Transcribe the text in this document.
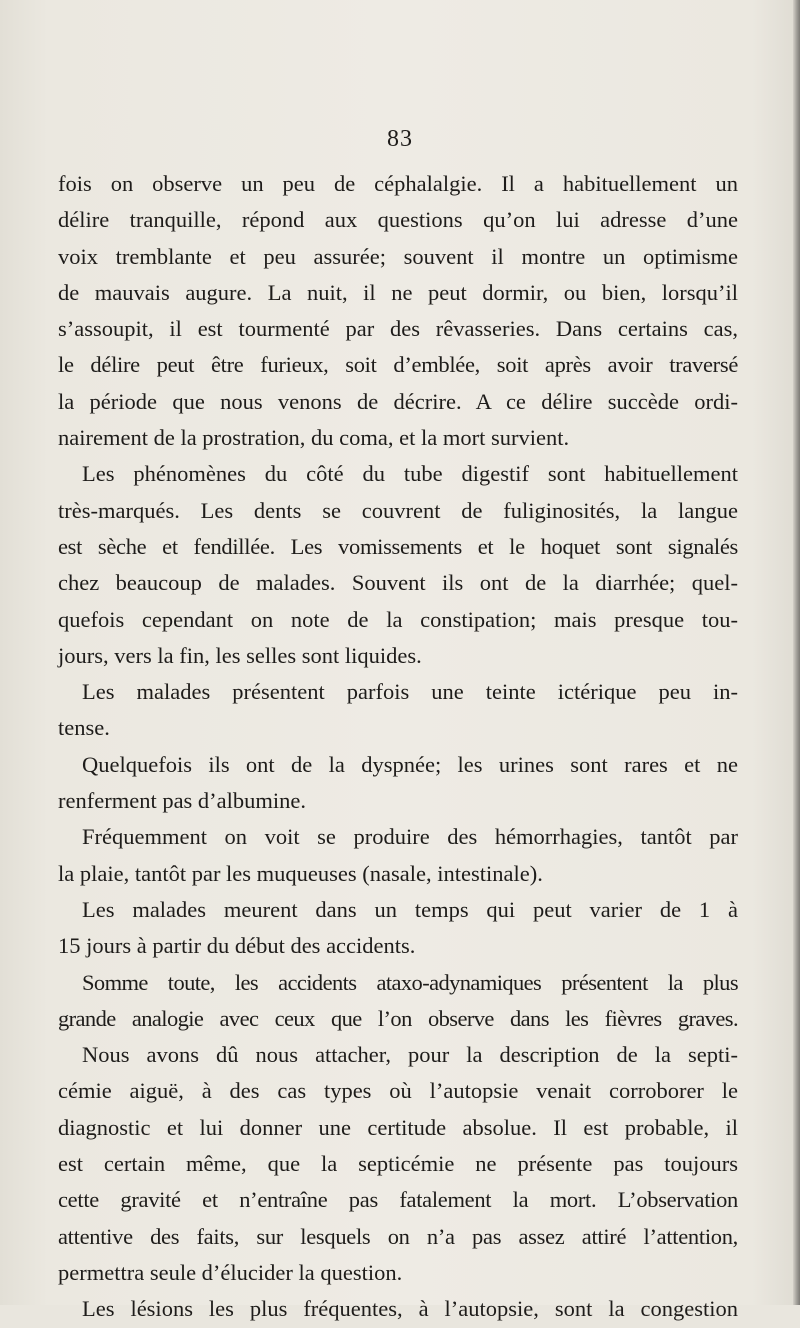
83
fois on observe un peu de céphalalgie. Il a habituellement un
délire tranquille, répond aux questions qu’on lui adresse d’une
voix tremblante et peu assurée; souvent il montre un optimisme
de mauvais augure. La nuit, il ne peut dormir, ou bien, lorsqu’il
s’assoupit, il est tourmenté par des rêvasseries. Dans certains cas,
le délire peut être furieux, soit d’emblée, soit après avoir traversé
la période que nous venons de décrire. A ce délire succède ordi-
nairement de la prostration, du coma, et la mort survient.
Les phénomènes du côté du tube digestif sont habituellement
très-marqués. Les dents se couvrent de fuliginosités, la langue
est sèche et fendillée. Les vomissements et le hoquet sont signalés
chez beaucoup de malades. Souvent ils ont de la diarrhée; quel-
quefois cependant on note de la constipation; mais presque tou-
jours, vers la fin, les selles sont liquides.
Les malades présentent parfois une teinte ictérique peu in-
tense.
Quelquefois ils ont de la dyspnée; les urines sont rares et ne
renferment pas d’albumine.
Fréquemment on voit se produire des hémorrhagies, tantôt par
la plaie, tantôt par les muqueuses (nasale, intestinale).
Les malades meurent dans un temps qui peut varier de 1 à
15 jours à partir du début des accidents.
Somme toute, les accidents ataxo-adynamiques présentent la plus
grande analogie avec ceux que l’on observe dans les fièvres graves.
Nous avons dû nous attacher, pour la description de la septi-
cémie aiguë, à des cas types où l’autopsie venait corroborer le
diagnostic et lui donner une certitude absolue. Il est probable, il
est certain même, que la septicémie ne présente pas toujours
cette gravité et n’entraîne pas fatalement la mort. L’observation
attentive des faits, sur lesquels on n’a pas assez attiré l’attention,
permettra seule d’élucider la question.
Les lésions les plus fréquentes, à l’autopsie, sont la congestion
